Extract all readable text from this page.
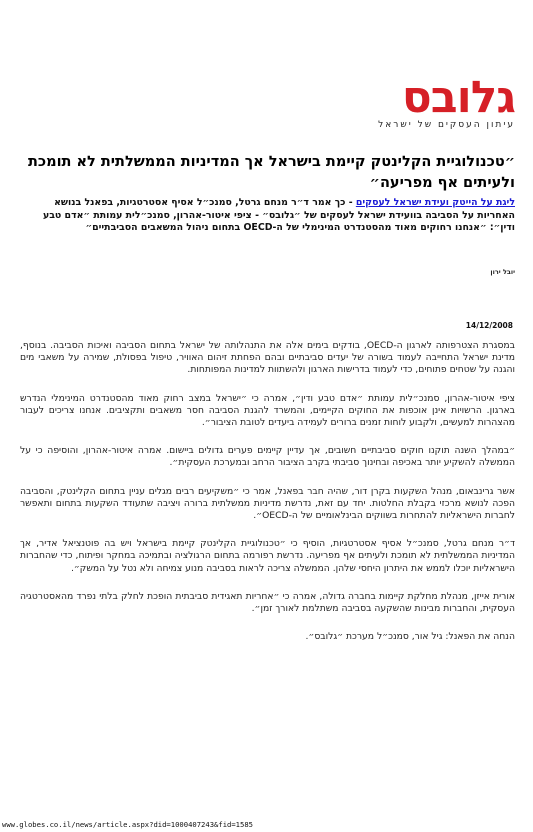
גלובס
עיתון העסקים של ישראל
״טכנולוגיית הקלינטק קיימת בישראל אך המדיניות הממשלתית לא תומכת ולעיתים אף מפריעה״
ליגת על הייטק ועידת ישראל לעסקים - כך אמר ד״ר מנחם גרטל, סמנכ״ל אסיף אסטרטגיות, בפאנל בנושא האחריות על הסביבה בוועידת ישראל לעסקים של ״גלובס״ - ציפי איטור-אהרון, סמנכ״לית עמותת ״אדם טבע ודין״: ״אנחנו רחוקים מאוד מהסטנדרט המינימלי של ה-OECD בתחום ניהול המשאבים הסביבתיים״
יובל ירון
14/12/2008

במסגרת הצטרפותה לארגון ה-OECD, בודקים בימים אלה את התנהלותה של ישראל בתחום הסביבה ואיכות הסביבה. בנוסף, מדינת ישראל התחייבה לעמוד בשורה של יעדים סביבתיים ובהם הפחתת זיהום האוויר, טיפול בפסולת, שמירה על משאבי מים והגנה על שטחים פתוחים, כדי לעמוד בדרישות הארגון ולהשתוות למדינות המפותחות.

ציפי איטור-אהרון, סמנכ״לית עמותת ״אדם טבע ודין״, אמרה כי ״ישראל במצב רחוק מאוד מהסטנדרט המינימלי הנדרש בארגון. הרשויות אינן אוכפות את החוקים הקיימים, והמשרד להגנת הסביבה חסר משאבים ותקציבים. אנחנו צריכים לעבור מהצהרות למעשים, ולקבוע לוחות זמנים ברורים לעמידה ביעדים לטובת הציבור״.

״במהלך השנה תוקנו חוקים סביבתיים חשובים, אך עדיין קיימים פערים גדולים ביישום. אמרה איטור-אהרון, והוסיפה כי על הממשלה להשקיע יותר באכיפה ובחינוך סביבתי בקרב הציבור הרחב ובמערכת העסקית״.

אשר גרינבאום, מנהל השקעות בקרן דור, שהיה חבר בפאנל, אמר כי ״משקיעים רבים מגלים עניין בתחום הקלינטק, והסביבה הפכה לנושא מרכזי בקבלת החלטות. יחד עם זאת, נדרשת מדיניות ממשלתית ברורה ויציבה שתעודד השקעות בתחום ותאפשר לחברות הישראליות להתחרות בשווקים הבינלאומיים של ה-OECD״.

ד״ר מנחם גרטל, סמנכ״ל אסיף אסטרטגיות, הוסיף כי ״טכנולוגיית הקלינטק קיימת בישראל ויש בה פוטנציאל אדיר, אך המדיניות הממשלתית לא תומכת ולעיתים אף מפריעה. נדרשת רפורמה בתחום הרגולציה ובתמיכה במחקר ופיתוח, כדי שהחברות הישראליות יוכלו לממש את היתרון היחסי שלהן. הממשלה צריכה לראות בסביבה מנוע צמיחה ולא נטל על המשק״.

אורית אייזן, מנהלת מחלקת קיימות בחברה גדולה, אמרה כי ״אחריות תאגידית סביבתית הופכת לחלק בלתי נפרד מהאסטרטגיה העסקית, והחברות מבינות שהשקעה בסביבה משתלמת לאורך זמן״.

הנחה את הפאנל: גיל אור, סמנכ״ל מערכת ״גלובס״.

www.globes.co.il/news/article.aspx?did=1000407243&fid=1585
